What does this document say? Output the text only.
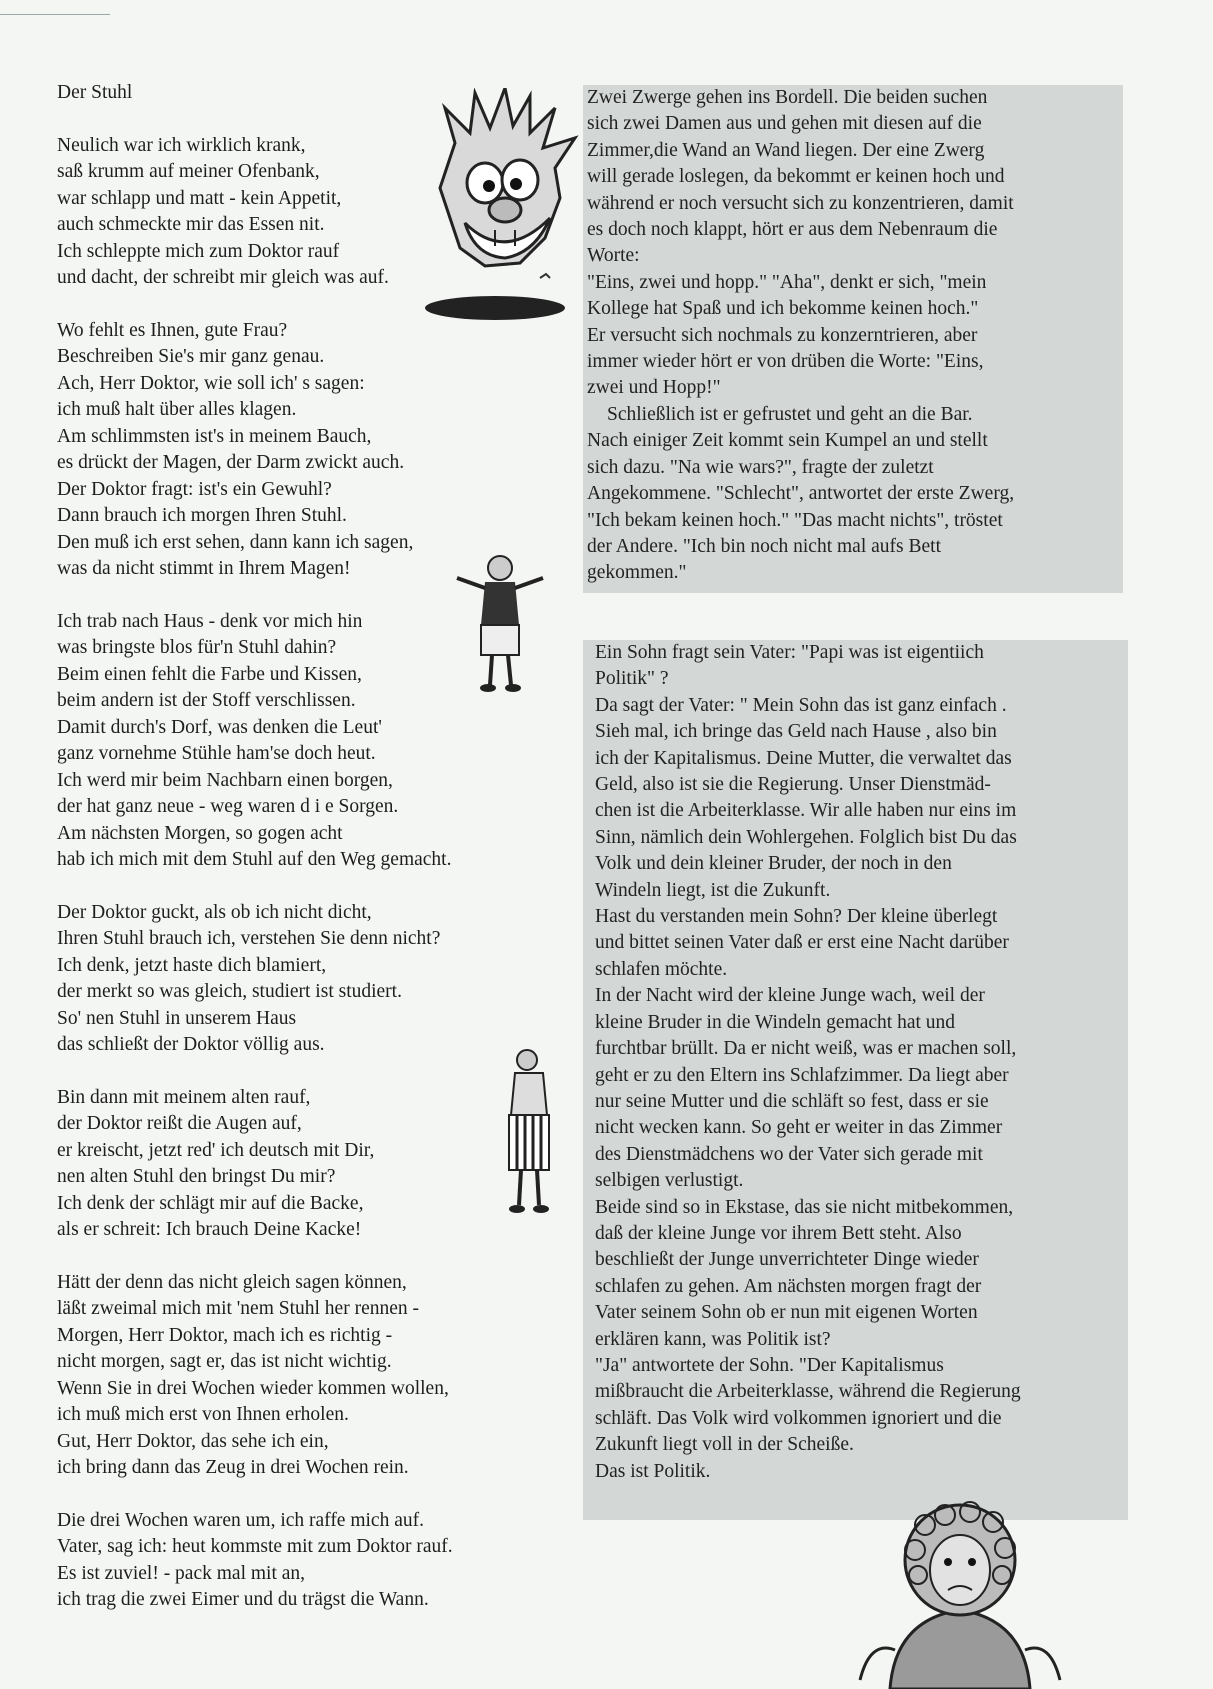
Der Stuhl
Neulich war ich wirklich krank,
saß krumm auf meiner Ofenbank,
war schlapp und matt - kein Appetit,
auch schmeckte mir das Essen nit.
Ich schleppte mich zum Doktor rauf
und dacht, der schreibt mir gleich was auf.
Wo fehlt es Ihnen, gute Frau?
Beschreiben Sie's mir ganz genau.
Ach, Herr Doktor, wie soll ich' s sagen:
ich muß halt über alles klagen.
Am schlimmsten ist's in meinem Bauch,
es drückt der Magen, der Darm zwickt auch.
Der Doktor fragt: ist's ein Gewuhl?
Dann brauch ich morgen Ihren Stuhl.
Den muß ich erst sehen, dann kann ich sagen,
was da nicht stimmt in Ihrem Magen!
Ich trab nach Haus - denk vor mich hin
was bringste blos für'n Stuhl dahin?
Beim einen fehlt die Farbe und Kissen,
beim andern ist der Stoff verschlissen.
Damit durch's Dorf, was denken die Leut'
ganz vornehme Stühle ham'se doch heut.
Ich werd mir beim Nachbarn einen borgen,
der hat ganz neue - weg waren d i e Sorgen.
Am nächsten Morgen, so gogen acht
hab ich mich mit dem Stuhl auf den Weg gemacht.
Der Doktor guckt, als ob ich nicht dicht,
Ihren Stuhl brauch ich, verstehen Sie denn nicht?
Ich denk, jetzt haste dich blamiert,
der merkt so was gleich, studiert ist studiert.
So' nen Stuhl in unserem Haus
das schließt der Doktor völlig aus.
Bin dann mit meinem alten rauf,
der Doktor reißt die Augen auf,
er kreischt, jetzt red' ich deutsch mit Dir,
nen alten Stuhl den bringst Du mir?
Ich denk der schlägt mir auf die Backe,
als er schreit: Ich brauch Deine Kacke!
Hätt der denn das nicht gleich sagen können,
läßt zweimal mich mit 'nem Stuhl her rennen -
Morgen, Herr Doktor, mach ich es richtig -
nicht morgen, sagt er, das ist nicht wichtig.
Wenn Sie in drei Wochen wieder kommen wollen,
ich muß mich erst von Ihnen erholen.
Gut, Herr Doktor, das sehe ich ein,
ich bring dann das Zeug in drei Wochen rein.
Die drei Wochen waren um, ich raffe mich auf.
Vater, sag ich: heut kommste mit zum Doktor rauf.
Es ist zuviel! - pack mal mit an,
ich trag die zwei Eimer und du trägst die Wann.
Zwei Zwerge gehen ins Bordell. Die beiden suchen
sich zwei Damen aus und gehen mit diesen auf die
Zimmer,die Wand an Wand liegen. Der eine Zwerg
will gerade loslegen, da bekommt er keinen hoch und
während er noch versucht sich zu konzentrieren, damit
es doch noch klappt, hört er aus dem Nebenraum die
Worte:
"Eins, zwei und hopp." "Aha", denkt er sich, "mein
Kollege hat Spaß und ich bekomme keinen hoch."
Er versucht sich nochmals zu konzerntrieren, aber
immer wieder hört er von drüben die Worte: "Eins,
zwei und Hopp!"
Schließlich ist er gefrustet und geht an die Bar.
Nach einiger Zeit kommt sein Kumpel an und stellt
sich dazu. "Na wie wars?", fragte der zuletzt
Angekommene. "Schlecht", antwortet der erste Zwerg,
"Ich bekam keinen hoch." "Das macht nichts", tröstet
der Andere. "Ich bin noch nicht mal aufs Bett
gekommen."
Ein Sohn fragt sein Vater: "Papi was ist eigentiich
Politik" ?
Da sagt der Vater: " Mein Sohn das ist ganz einfach .
Sieh mal, ich bringe das Geld nach Hause , also bin
ich der Kapitalismus. Deine Mutter, die verwaltet das
Geld, also ist sie die Regierung. Unser Dienstmäd-
chen ist die Arbeiterklasse. Wir alle haben nur eins im
Sinn, nämlich dein Wohlergehen. Folglich bist Du das
Volk und dein kleiner Bruder, der noch in den
Windeln liegt, ist die Zukunft.
Hast du verstanden mein Sohn? Der kleine überlegt
und bittet seinen Vater daß er erst eine Nacht darüber
schlafen möchte.
In der Nacht wird der kleine Junge wach, weil der
kleine Bruder in die Windeln gemacht hat und
furchtbar brüllt. Da er nicht weiß, was er machen soll,
geht er zu den Eltern ins Schlafzimmer. Da liegt aber
nur seine Mutter und die schläft so fest, dass er sie
nicht wecken kann. So geht er weiter in das Zimmer
des Dienstmädchens wo der Vater sich gerade mit
selbigen verlustigt.
Beide sind so in Ekstase, das sie nicht mitbekommen,
daß der kleine Junge vor ihrem Bett steht. Also
beschließt der Junge unverrichteter Dinge wieder
schlafen zu gehen. Am nächsten morgen fragt der
Vater seinem Sohn ob er nun mit eigenen Worten
erklären kann, was Politik ist?
"Ja" antwortete der Sohn. "Der Kapitalismus
mißbraucht die Arbeiterklasse, während die Regierung
schläft. Das Volk wird volkommen ignoriert und die
Zukunft liegt voll in der Scheiße.
Das ist Politik.
